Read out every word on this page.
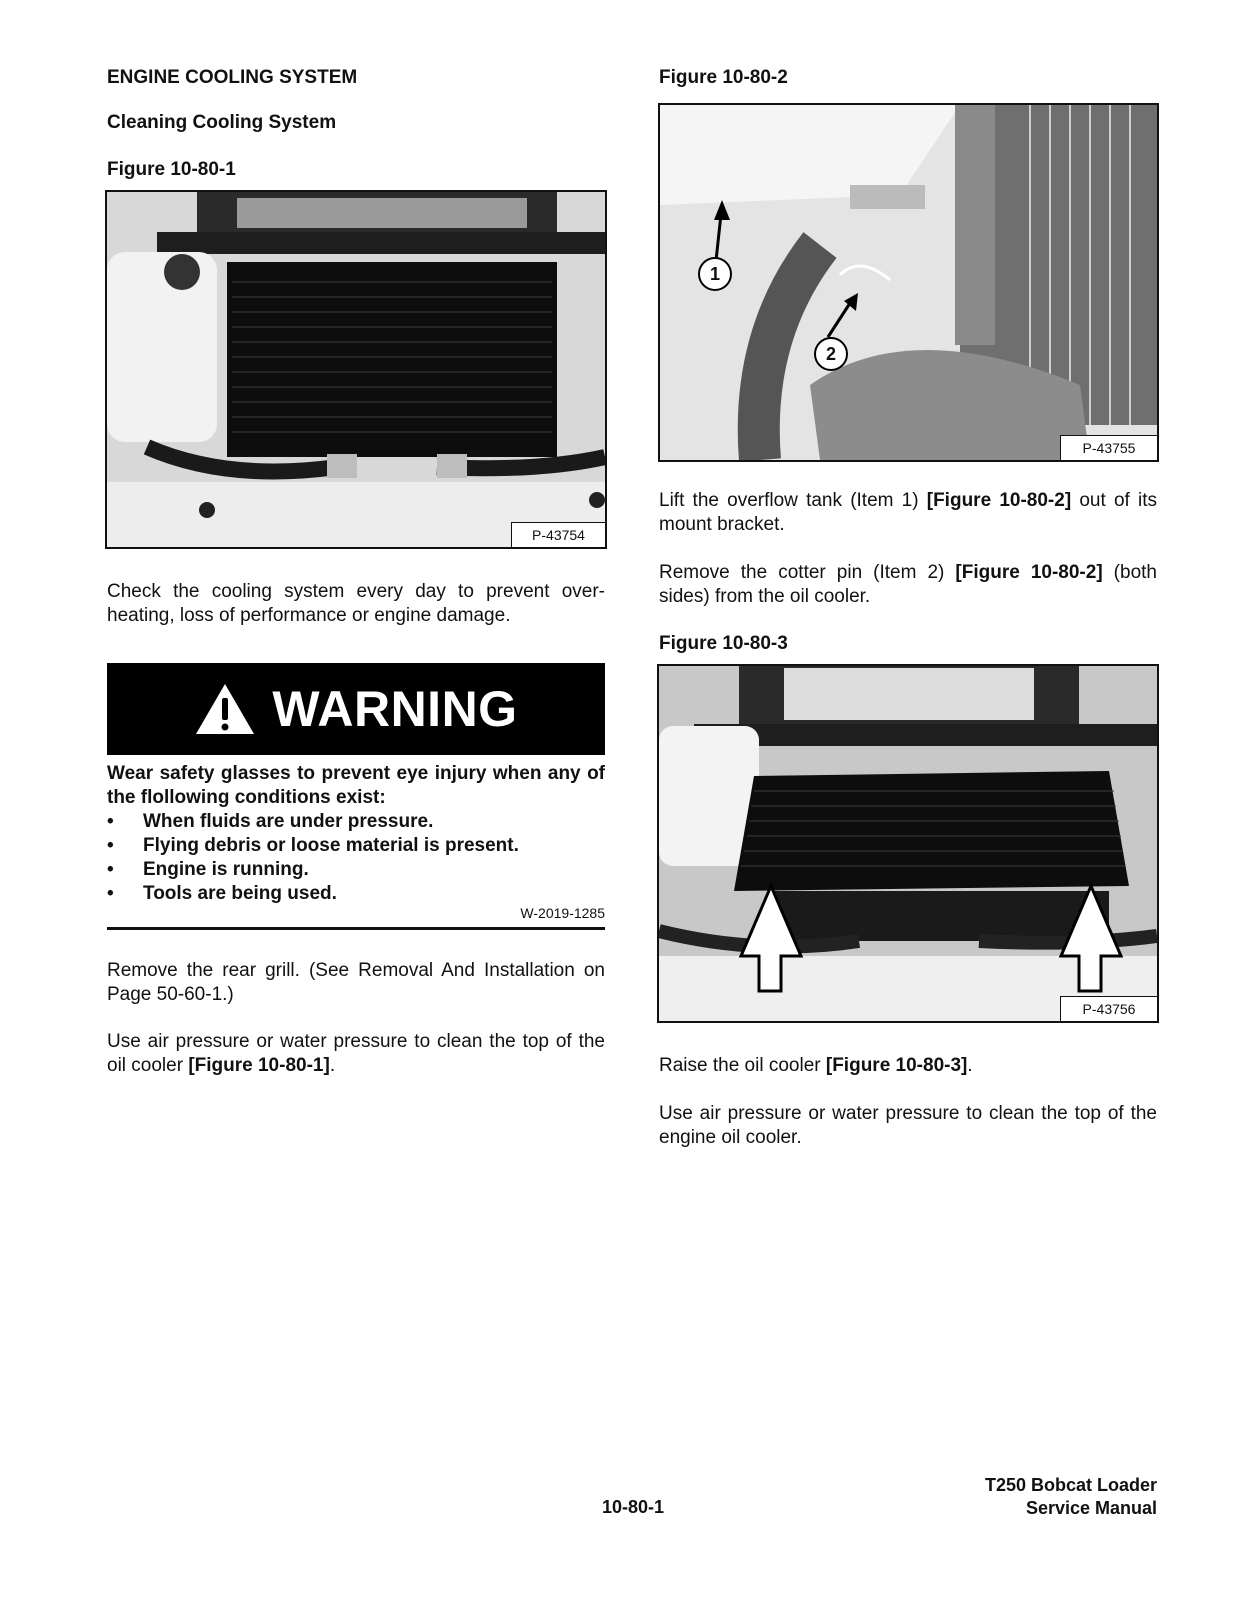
ENGINE COOLING SYSTEM
Cleaning Cooling System
Figure 10-80-1
P-43754
Check the cooling system every day to prevent over-heating, loss of performance or engine damage.
WARNING
Wear safety glasses to prevent eye injury when any of the flollowing conditions exist:
• When fluids are under pressure.
• Flying debris or loose material is present.
• Engine is running.
• Tools are being used.
W-2019-1285
Remove the rear grill. (See Removal And Installation on Page 50-60-1.)
Use air pressure or water pressure to clean the top of the oil cooler [Figure 10-80-1].
Figure 10-80-2
1
2
P-43755
Lift the overflow tank (Item 1) [Figure 10-80-2] out of its mount bracket.
Remove the cotter pin (Item 2) [Figure 10-80-2] (both sides) from the oil cooler.
Figure 10-80-3
P-43756
Raise the oil cooler [Figure 10-80-3].
Use air pressure or water pressure to clean the top of the engine oil cooler.
10-80-1
T250 Bobcat Loader
Service Manual
